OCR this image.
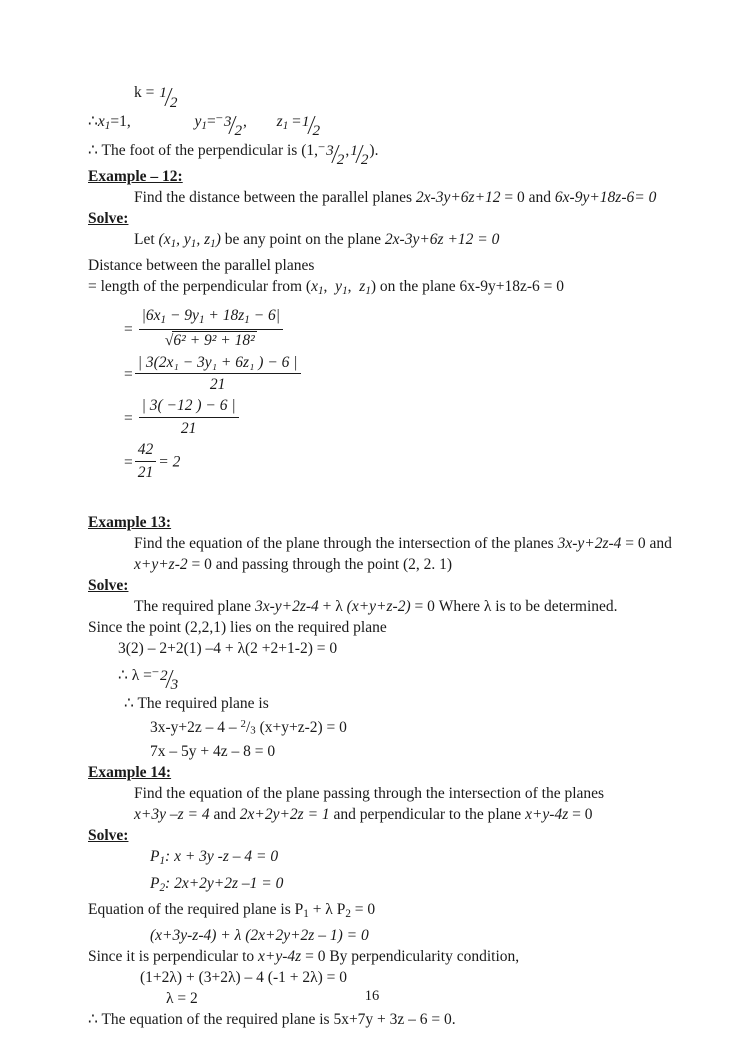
k = 12
$\therefore x_1=1$,	$y_1=^-32$, $z_1 =12$
∴ The foot of the perpendicular is (1,−32,12).
Example – 12:
Find the distance between the parallel planes 2x-3y+6z+12 = 0 and 6x-9y+18z-6= 0
Solve:
Let ($x_1$, $y_1$, $z_1$) be any point on the plane 2x-3y+6z +12 = 0
Distance between the parallel planes
= length of the perpendicular from ($x_1$,  $y_1$,  $z_1$) on the plane 6x-9y+18z-6 = 0
= $\frac{|6x_1 - 9y_1 + 18z_1 - 6|}{\text{√6² + 9² + 18²}}$
= $\frac{\text{| 3(2x₁ − 3y₁ + 6z₁ ) − 6 |}}{21}$
= $\frac{| 3( -12 ) - 6 |}{21}$
= $\frac{42}{21} = 2$
Example 13:
Find the equation of the plane through the intersection of the planes 3x-y+2z-4 = 0 and x+y+z-2 = 0 and passing through the point (2, 2. 1)
Solve:
The required plane 3x-y+2z-4 + λ (x+y+z-2) = 0 Where λ is to be determined.
Since the point (2,2,1) lies on the required plane
3(2) – 2+2(1) –4 + λ(2 +2+1-2) = 0
∴ λ =−23
∴ The required plane is
3x-y+2z – 4 – $^2$/3 (x+y+z-2) = 0
7x – 5y + 4z – 8 = 0
Example 14:
Find the equation of the plane passing through the intersection of the planes
x+3y –z = 4 and 2x+2y+2z = 1 and perpendicular to the plane x+y-4z = 0
Solve:
$P_1$: x + 3y -z – 4 = 0
$P_2$: 2x+2y+2z –1 = 0
Equation of the required plane is $P_1 + \lambda$ $P_2 = 0$
(x+3y-z-4) + λ (2x+2y+2z – 1) = 0
Since it is perpendicular to x+y-4z = 0 By perpendicularity condition,
(1+2λ) + (3+2λ) – 4 (-1 + 2λ) = 0
λ = 2
∴ The equation of the required plane is 5x+7y + 3z – 6 = 0.
16
